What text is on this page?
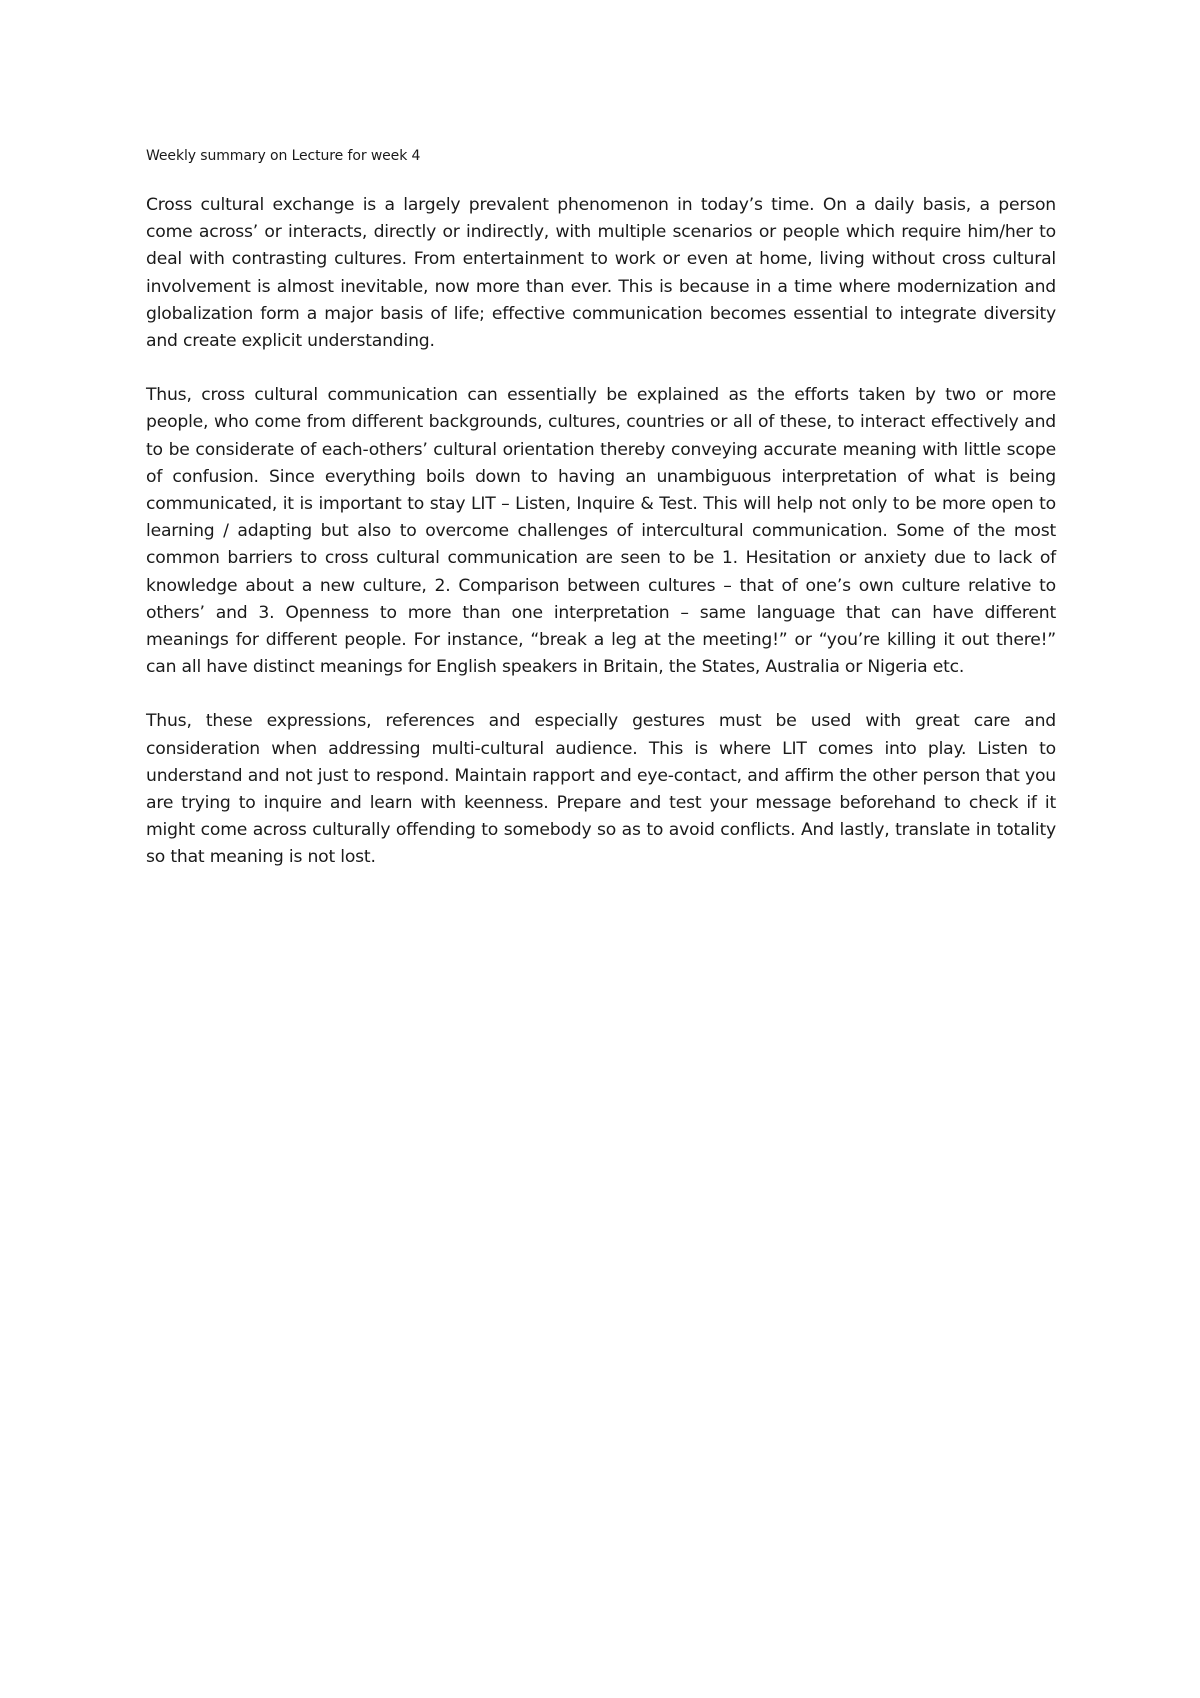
Weekly summary on Lecture for week 4

Cross cultural exchange is a largely prevalent phenomenon in today’s time. On a daily basis, a person come across’ or interacts, directly or indirectly, with multiple scenarios or people which require him/her to deal with contrasting cultures. From entertainment to work or even at home, living without cross cultural involvement is almost inevitable, now more than ever. This is because in a time where modernization and globalization form a major basis of life; effective communication becomes essential to integrate diversity and create explicit understanding.

Thus, cross cultural communication can essentially be explained as the efforts taken by two or more people, who come from different backgrounds, cultures, countries or all of these, to interact effectively and to be considerate of each-others’ cultural orientation thereby conveying accurate meaning with little scope of confusion. Since everything boils down to having an unambiguous interpretation of what is being communicated, it is important to stay LIT – Listen, Inquire & Test. This will help not only to be more open to learning / adapting but also to overcome challenges of intercultural communication. Some of the most common barriers to cross cultural communication are seen to be 1. Hesitation or anxiety due to lack of knowledge about a new culture, 2. Comparison between cultures – that of one’s own culture relative to others’ and 3. Openness to more than one interpretation – same language that can have different meanings for different people. For instance, “break a leg at the meeting!” or “you’re killing it out there!” can all have distinct meanings for English speakers in Britain, the States, Australia or Nigeria etc.

Thus, these expressions, references and especially gestures must be used with great care and consideration when addressing multi-cultural audience. This is where LIT comes into play. Listen to understand and not just to respond. Maintain rapport and eye-contact, and affirm the other person that you are trying to inquire and learn with keenness. Prepare and test your message beforehand to check if it might come across culturally offending to somebody so as to avoid conflicts. And lastly, translate in totality so that meaning is not lost.
